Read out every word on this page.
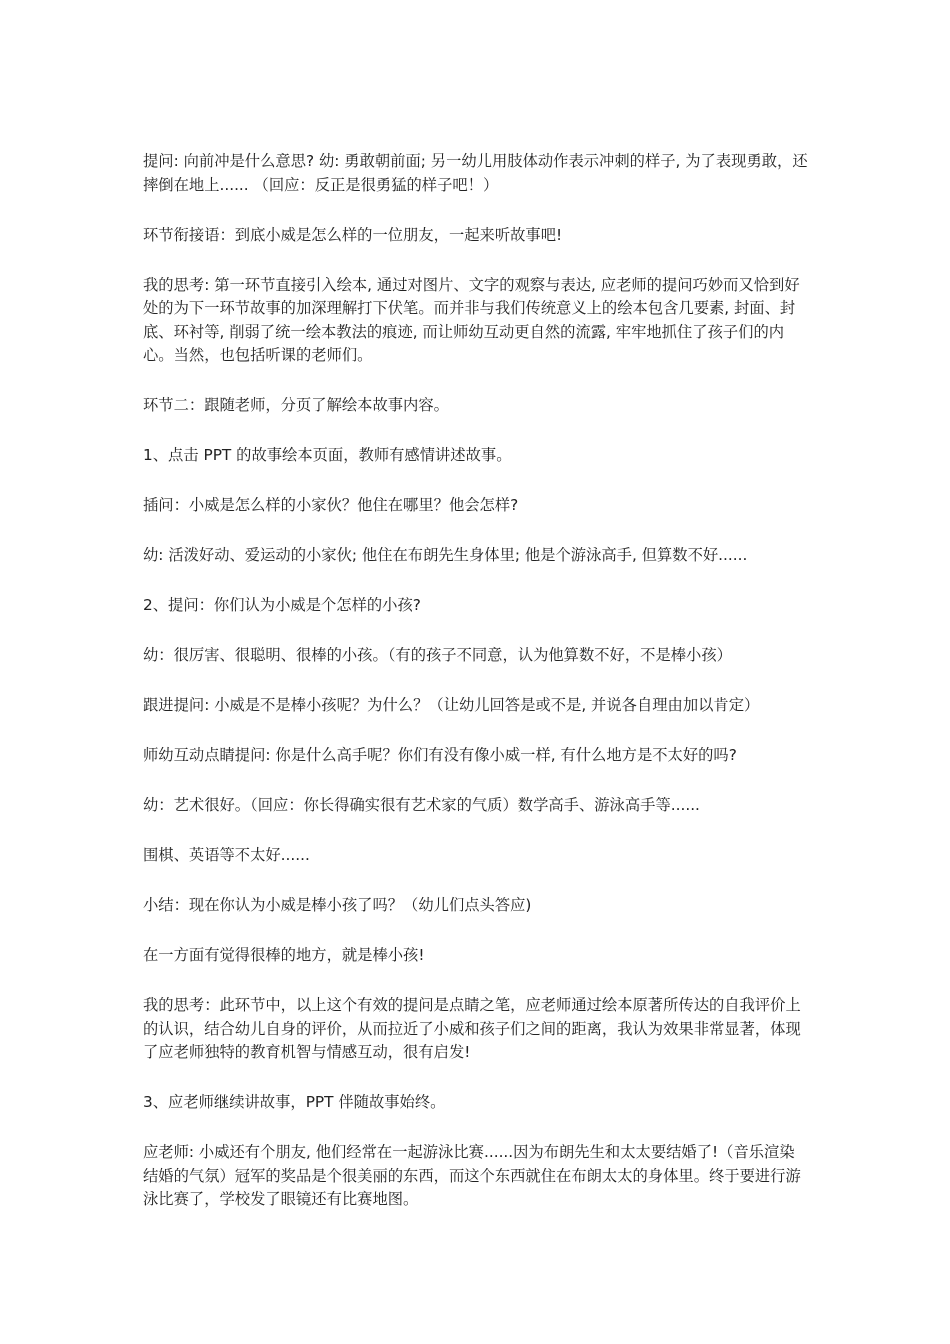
提问: 向前冲是什么意思? 幼: 勇敢朝前面; 另一幼儿用肢体动作表示冲刺的样子, 为了表现勇敢，还摔倒在地上...... （回应：反正是很勇猛的样子吧！）

环节衔接语：到底小威是怎么样的一位朋友，一起来听故事吧!

我的思考: 第一环节直接引入绘本, 通过对图片、文字的观察与表达, 应老师的提问巧妙而又恰到好处的为下一环节故事的加深理解打下伏笔。而并非与我们传统意义上的绘本包含几要素, 封面、封底、环衬等, 削弱了统一绘本教法的痕迹, 而让师幼互动更自然的流露, 牢牢地抓住了孩子们的内心。当然，也包括听课的老师们。

环节二：跟随老师，分页了解绘本故事内容。

1、点击 PPT 的故事绘本页面，教师有感情讲述故事。

插问：小威是怎么样的小家伙？他住在哪里？他会怎样?

幼: 活泼好动、爱运动的小家伙; 他住在布朗先生身体里; 他是个游泳高手, 但算数不好......

2、提问：你们认为小威是个怎样的小孩?

幼：很厉害、很聪明、很棒的小孩。（有的孩子不同意，认为他算数不好，不是棒小孩）

跟进提问: 小威是不是棒小孩呢？为什么？（让幼儿回答是或不是, 并说各自理由加以肯定）

师幼互动点睛提问: 你是什么高手呢？你们有没有像小威一样, 有什么地方是不太好的吗?

幼：艺术很好。（回应：你长得确实很有艺术家的气质）数学高手、游泳高手等......

围棋、英语等不太好......

小结：现在你认为小威是棒小孩了吗？（幼儿们点头答应)

在一方面有觉得很棒的地方，就是棒小孩!

我的思考：此环节中，以上这个有效的提问是点睛之笔，应老师通过绘本原著所传达的自我评价上的认识，结合幼儿自身的评价，从而拉近了小威和孩子们之间的距离，我认为效果非常显著，体现了应老师独特的教育机智与情感互动，很有启发!

3、应老师继续讲故事，PPT 伴随故事始终。

应老师: 小威还有个朋友, 他们经常在一起游泳比赛......因为布朗先生和太太要结婚了!（音乐渲染结婚的气氛）冠军的奖品是个很美丽的东西，而这个东西就住在布朗太太的身体里。终于要进行游泳比赛了，学校发了眼镜还有比赛地图。
